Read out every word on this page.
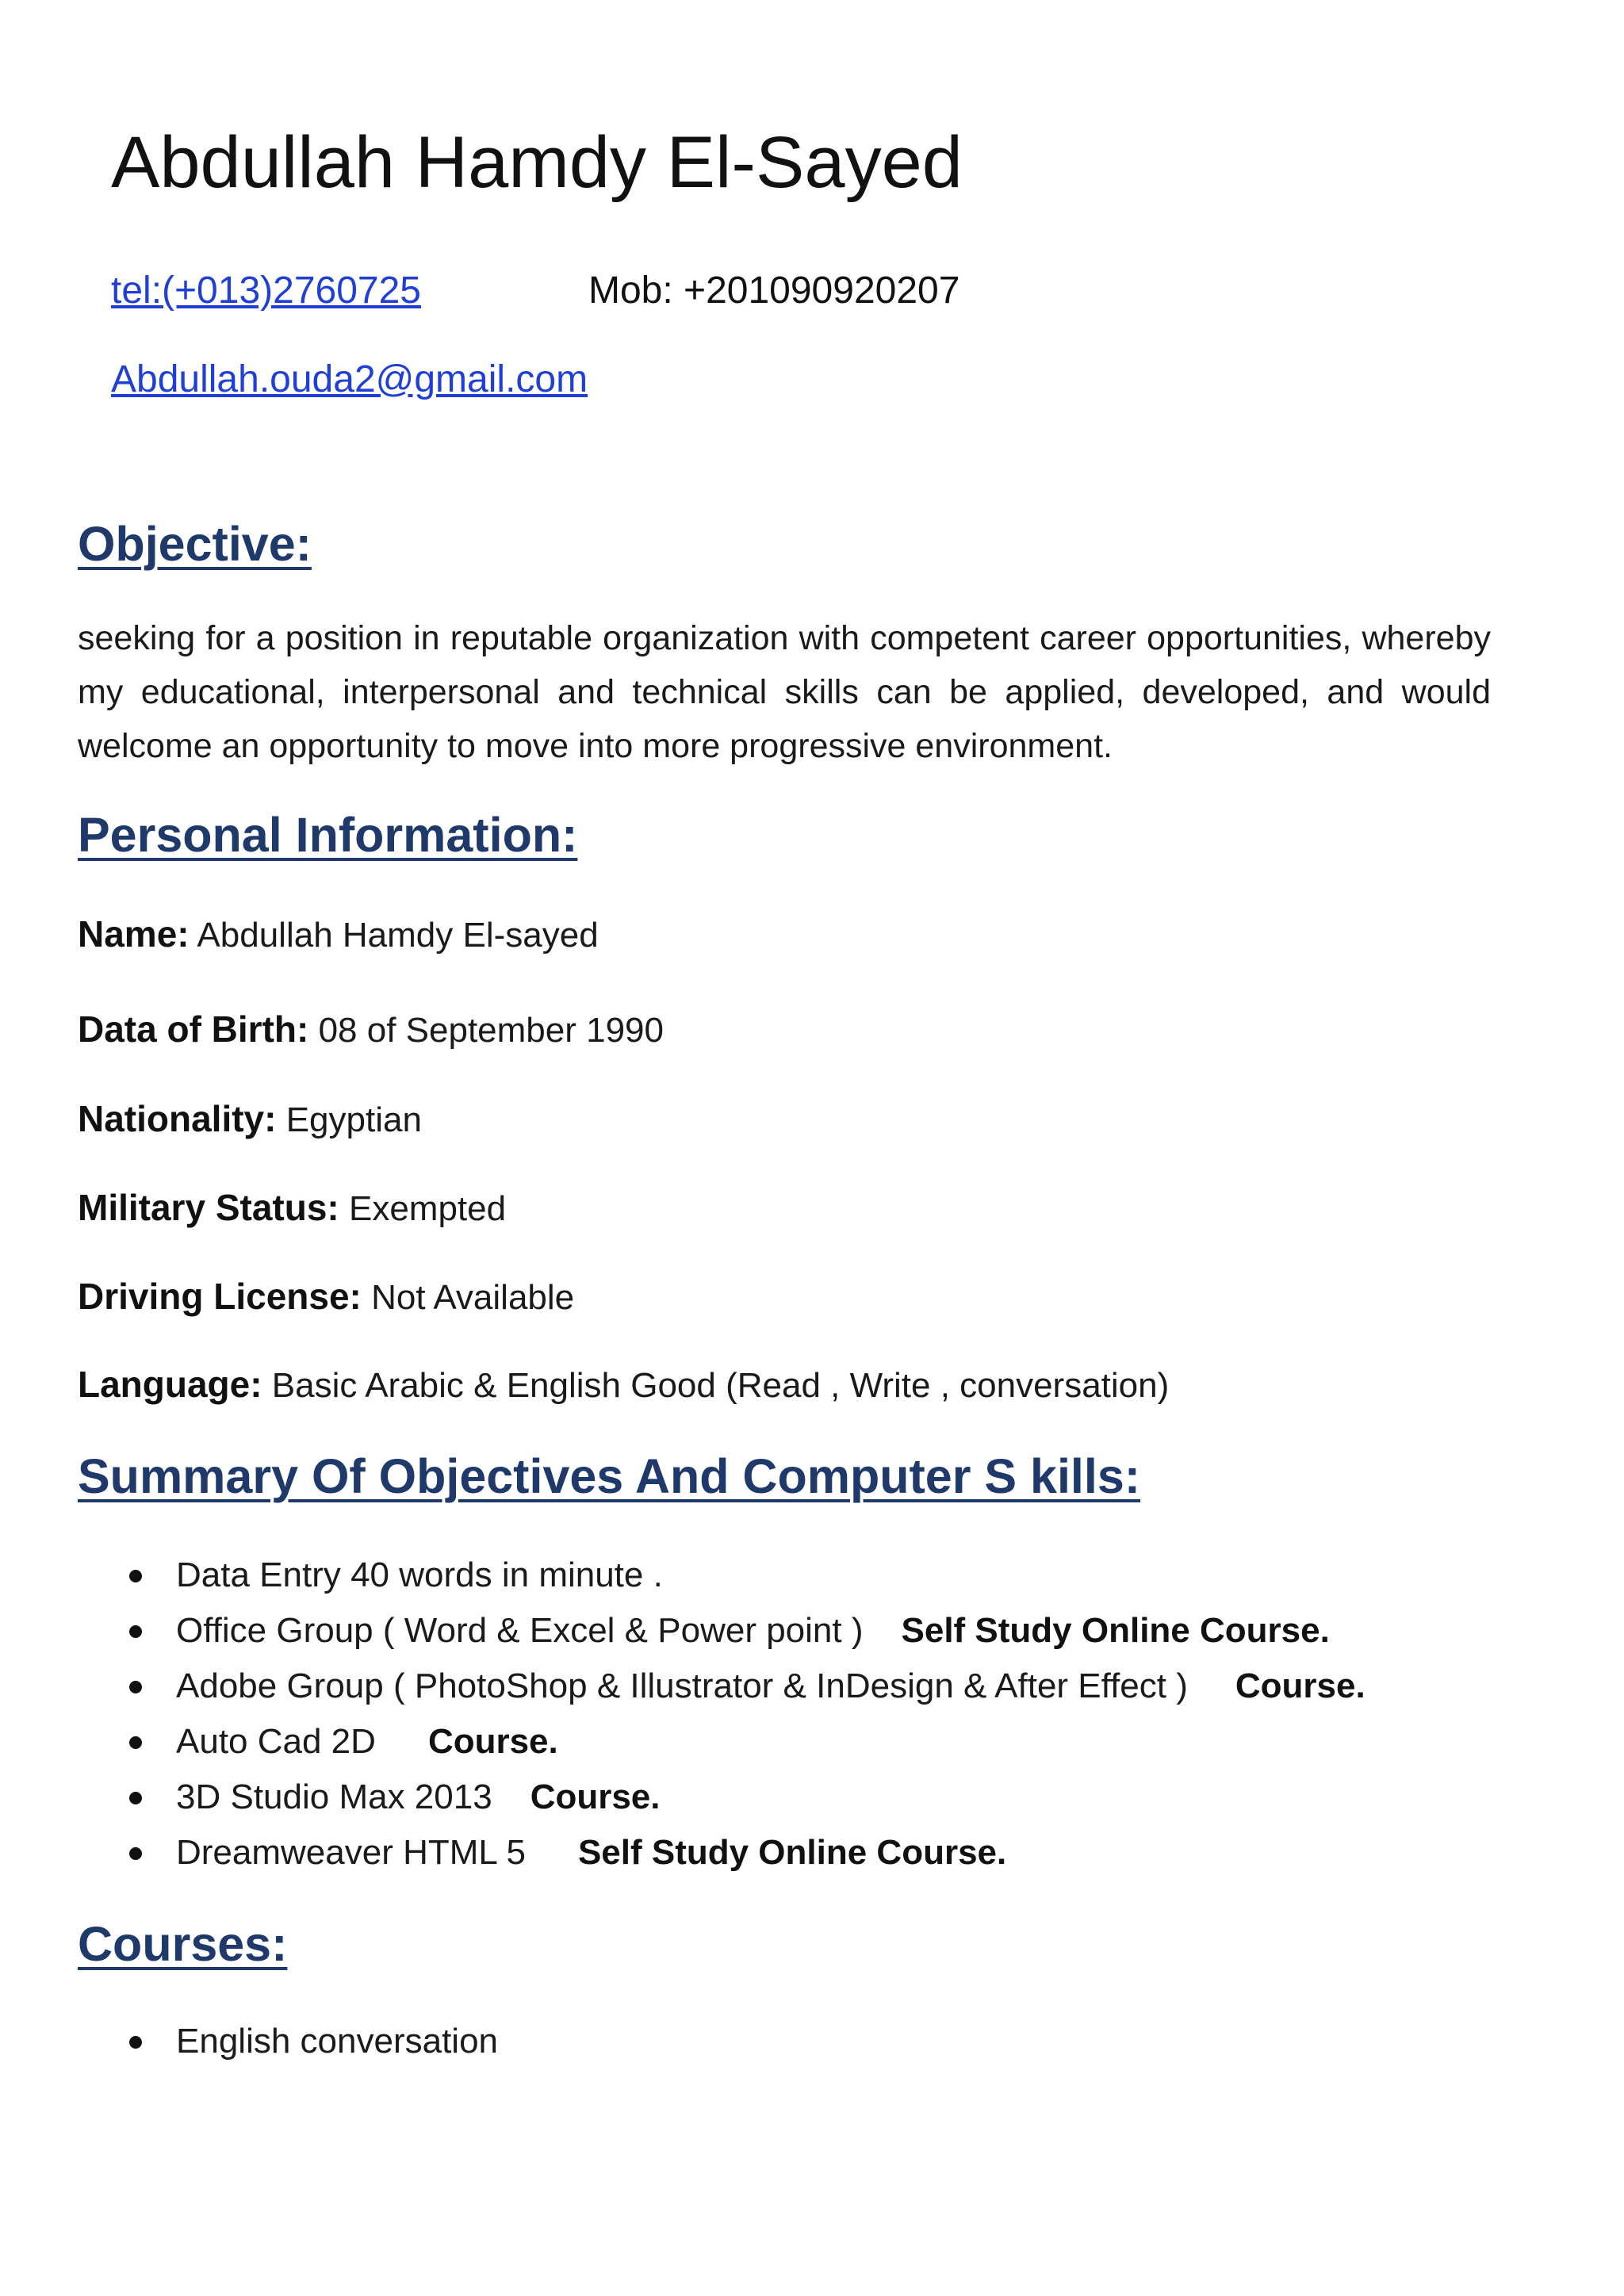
Abdullah Hamdy El-Sayed
tel:(+013)2760725	Mob: +201090920207
Abdullah.ouda2@gmail.com
Objective:
seeking for a position in reputable organization with competent career opportunities, whereby my educational, interpersonal and technical skills can be applied, developed, and would welcome an opportunity to move into more progressive environment.
Personal Information:
Name: Abdullah Hamdy El-sayed
Data of Birth: 08 of September 1990
Nationality: Egyptian
Military Status: Exempted
Driving License: Not Available
Language: Basic Arabic & English Good (Read , Write , conversation)
Summary Of Objectives And Computer S kills:
Data Entry 40 words in minute .
Office Group ( Word & Excel & Power point ) Self Study Online Course.
Adobe Group ( PhotoShop & Illustrator & InDesign & After Effect ) Course.
Auto Cad 2D Course.
3D Studio Max 2013 Course.
Dreamweaver HTML 5 Self Study Online Course.
Courses:
English conversation
